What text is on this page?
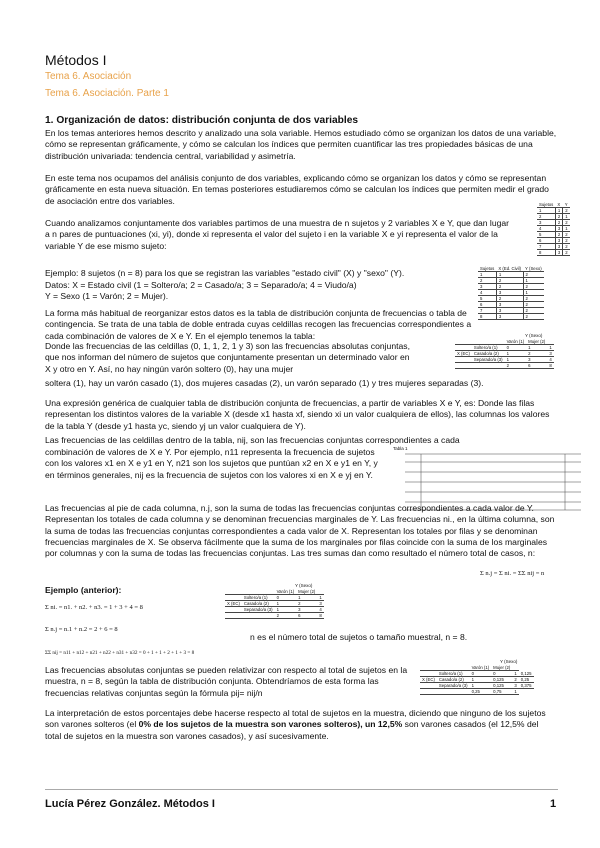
Métodos I
Tema 6. Asociación
Tema 6. Asociación. Parte 1
1. Organización de datos: distribución conjunta de dos variables

En los temas anteriores hemos descrito y analizado una sola variable. Hemos estudiado cómo se organizan los datos de una variable, cómo se representan gráficamente, y cómo se calculan los índices que permiten cuantificar las tres propiedades básicas de una distribución univariada: tendencia central, variabilidad y asimetría.

En este tema nos ocupamos del análisis conjunto de dos variables, explicando cómo se organizan los datos y cómo se representan gráficamente en esta nueva situación. En temas posteriores estudiaremos cómo se calculan los índices que permiten medir el grado de asociación entre dos variables.

Cuando analizamos conjuntamente dos variables partimos de una muestra de n sujetos y 2 variables X e Y, que dan lugar a n pares de puntuaciones (xi, yi), donde xi representa el valor del sujeto i en la variable X e yi representa el valor de la variable Y de ese mismo sujeto:

Sujetos	X	Y
1	1	2
2	2	1
3	2	2
4	3	1
5	2	2
6	3	2
7	3	2
8	3	2

Ejemplo: 8 sujetos (n = 8) para los que se registran las variables "estado civil" (X) y "sexo" (Y).

Datos: X = Estado civil (1 = Soltero/a; 2 = Casado/a; 3 = Separado/a; 4 = Viudo/a)

Y = Sexo (1 = Varón; 2 = Mujer).

Sujetos	X (Ed. Civil)	Y (Sexo)
1	1	2
2	2	1
3	2	2
4	3	1
5	2	2
6	3	2
7	3	2
8	3	2

La forma más habitual de reorganizar estos datos es la tabla de distribución conjunta de frecuencias o tabla de contingencia. Se trata de una tabla de doble entrada cuyas celdillas recogen las frecuencias correspondientes a cada combinación de valores de X e Y. En el ejemplo tenemos la tabla:	Y (Sexo)
		Varón (1)	Mujer (2)	
	Soltero/a (1)	0	1	1
X (EC)	Casado/a (2)	1	2	3
	Separado/a (3)	1	3	4
		2	6	8

Donde las frecuencias de las celdillas (0, 1, 1, 2, 1 y 3) son las frecuencias absolutas conjuntas, que nos informan del número de sujetos que conjuntamente presentan un determinado valor en X y otro en Y. Así, no hay ningún varón soltero (0), hay una mujer

soltera (1), hay un varón casado (1), dos mujeres casadas (2), un varón separado (1) y tres mujeres separadas (3).

Una expresión genérica de cualquier tabla de distribución conjunta de frecuencias, a partir de variables X e Y, es: Donde las filas representan los distintos valores de la variable X (desde x1 hasta xf, siendo xi un valor cualquiera de ellos), las columnas los valores de la tabla Y (desde y1 hasta yc, siendo yj un valor cualquiera de Y).

Las frecuencias de las celdillas dentro de la tabla, nij, son las frecuencias conjuntas correspondientes a cada

combinación de valores de X e Y. Por ejemplo, n11 representa la frecuencia de sujetos con los valores x1 en X e y1 en Y, n21 son los sujetos que puntúan x2 en X e y1 en Y, y en términos generales, nij es la frecuencia de sujetos con los valores xi en X e yj en Y.

Tabla 1

Las frecuencias al pie de cada columna, n.j, son la suma de todas las frecuencias conjuntas correspondientes a cada valor de Y. Representan los totales de cada columna y se denominan frecuencias marginales de Y. Las frecuencias ni., en la última columna, son la suma de todas las frecuencias conjuntas correspondientes a cada valor de X. Representan los totales por filas y se denominan frecuencias marginales de X. Se observa fácilmente que la suma de los marginales por filas coincide con la suma de los marginales por columnas y con la suma de todas las frecuencias conjuntas. Las tres sumas dan como resultado el número total de casos, n:

Σ n.j = Σ ni. = ΣΣ nij = n
Ejemplo (anterior):
Σ ni. = n1. + n2. + n3. = 1 + 3 + 4 = 8
Σ n.j = n.1 + n.2 = 2 + 6 = 8
ΣΣ nij = n11 + n12 + n21 + n22 + n31 + n32 = 0 + 1 + 1 + 2 + 1 + 3 = 8
Y (Sexo)
		Varón (1)	Mujer (2)	
	Soltero/a (1)	0	1	1
X (EC)	Casado/a (2)	1	2	3
	Separado/a (3)	1	3	4
		2	6	8

n es el número total de sujetos o tamaño muestral, n = 8.

Las frecuencias absolutas conjuntas se pueden relativizar con respecto al total de sujetos en la muestra, n = 8, según la tabla de distribución conjunta. Obtendríamos de esta forma las frecuencias relativas conjuntas según la fórmula pij= nij/n

Y (Sexo)
		Varón (1)	Mujer (2)		
	Soltero/a (1)	0	0	1	0,125
X (EC)	Casado/a (2)	1	0,125	2	0,25
	Separado/a (3)	1	0,125	3	0,375
		0,25	0,75	1	

La interpretación de estos porcentajes debe hacerse respecto al total de sujetos en la muestra, diciendo que ninguno de los sujetos son varones solteros (el 0% de los sujetos de la muestra son varones solteros), un 12,5% son varones casados (el 12,5% del total de sujetos en la muestra son varones casados), y así sucesivamente.

Lucía Pérez González. Métodos I	1
